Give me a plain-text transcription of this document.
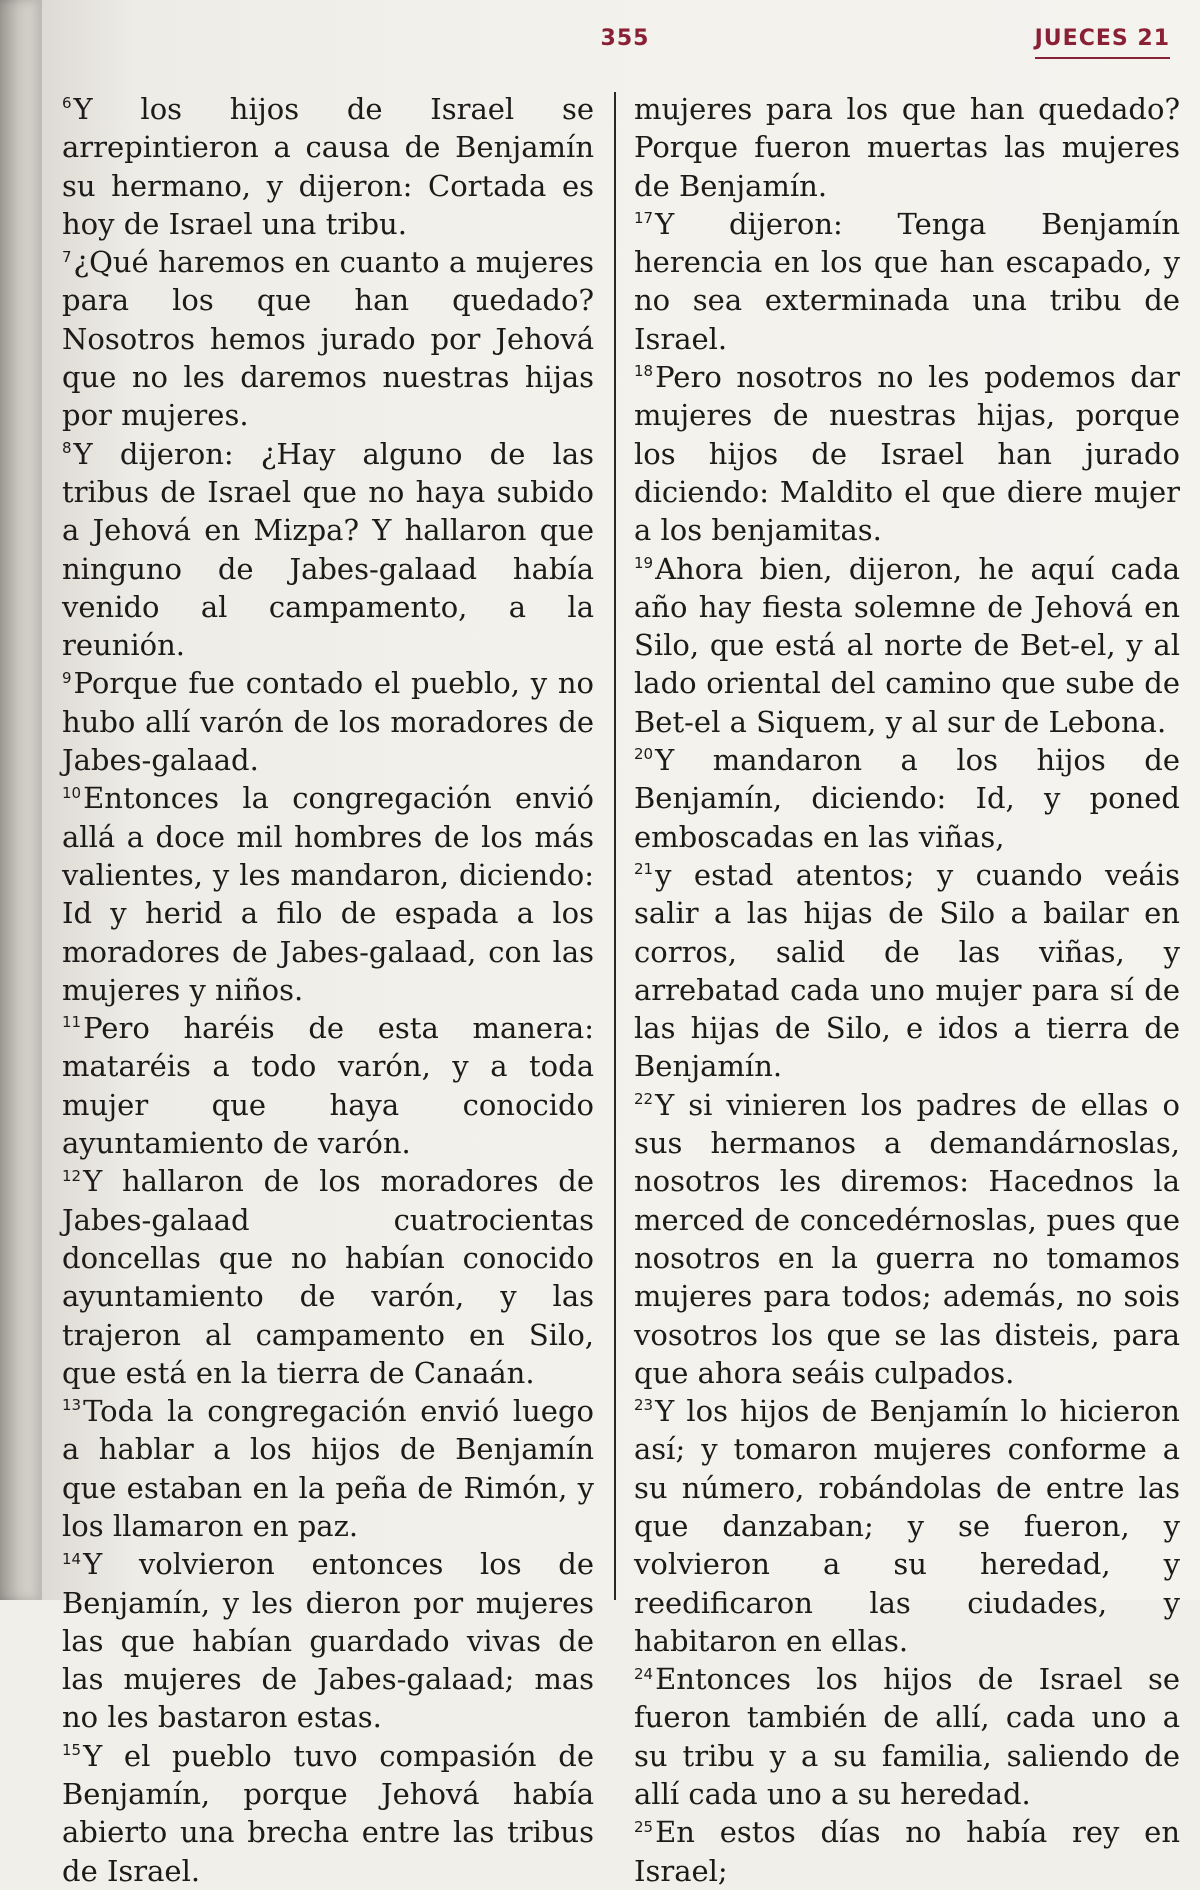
355	JUECES 21

$^6$Y los hijos de Israel se arrepintieron a causa de Benjamín su hermano, y dijeron: Cortada es hoy de Israel una tribu.

$^7$¿Qué haremos en cuanto a mujeres para los que han quedado? Nosotros hemos jurado por Jehová que no les daremos nuestras hijas por mujeres.

$^8$Y dijeron: ¿Hay alguno de las tribus de Israel que no haya subido a Jehová en Mizpa? Y hallaron que ninguno de Jabes-galaad había venido al campamento, a la reunión.

$^9$Porque fue contado el pueblo, y no hubo allí varón de los moradores de Jabes-galaad.

$^{10}$Entonces la congregación envió allá a doce mil hombres de los más valientes, y les mandaron, diciendo: Id y herid a filo de espada a los moradores de Jabes-galaad, con las mujeres y niños.

$^{11}$Pero haréis de esta manera: mataréis a todo varón, y a toda mujer que haya conocido ayuntamiento de varón.

$^{12}$Y hallaron de los moradores de Jabes-galaad cuatrocientas doncellas que no habían conocido ayuntamiento de varón, y las trajeron al campamento en Silo, que está en la tierra de Canaán.

$^{13}$Toda la congregación envió luego a hablar a los hijos de Benjamín que estaban en la peña de Rimón, y los llamaron en paz.

$^{14}$Y volvieron entonces los de Benjamín, y les dieron por mujeres las que habían guardado vivas de las mujeres de Jabes-galaad; mas no les bastaron estas.

$^{15}$Y el pueblo tuvo compasión de Benjamín, porque Jehová había abierto una brecha entre las tribus de Israel.

mujeres para los que han quedado? Porque fueron muertas las mujeres de Benjamín.

$^{17}$Y dijeron: Tenga Benjamín herencia en los que han escapado, y no sea exterminada una tribu de Israel.

$^{18}$Pero nosotros no les podemos dar mujeres de nuestras hijas, porque los hijos de Israel han jurado diciendo: Maldito el que diere mujer a los benjamitas.

$^{19}$Ahora bien, dijeron, he aquí cada año hay fiesta solemne de Jehová en Silo, que está al norte de Bet-el, y al lado oriental del camino que sube de Bet-el a Siquem, y al sur de Lebona.

$^{20}$Y mandaron a los hijos de Benjamín, diciendo: Id, y poned emboscadas en las viñas,

$^{21}$y estad atentos; y cuando veáis salir a las hijas de Silo a bailar en corros, salid de las viñas, y arrebatad cada uno mujer para sí de las hijas de Silo, e idos a tierra de Benjamín.

$^{22}$Y si vinieren los padres de ellas o sus hermanos a demandárnoslas, nosotros les diremos: Hacednos la merced de concedérnoslas, pues que nosotros en la guerra no tomamos mujeres para todos; además, no sois vosotros los que se las disteis, para que ahora seáis culpados.

$^{23}$Y los hijos de Benjamín lo hicieron así; y tomaron mujeres conforme a su número, robándolas de entre las que danzaban; y se fueron, y volvieron a su heredad, y reedificaron las ciudades, y habitaron en ellas.

$^{24}$Entonces los hijos de Israel se fueron también de allí, cada uno a su tribu y a su familia, saliendo de allí cada uno a su heredad.

$^{25}$En estos días no había rey en Israel;
